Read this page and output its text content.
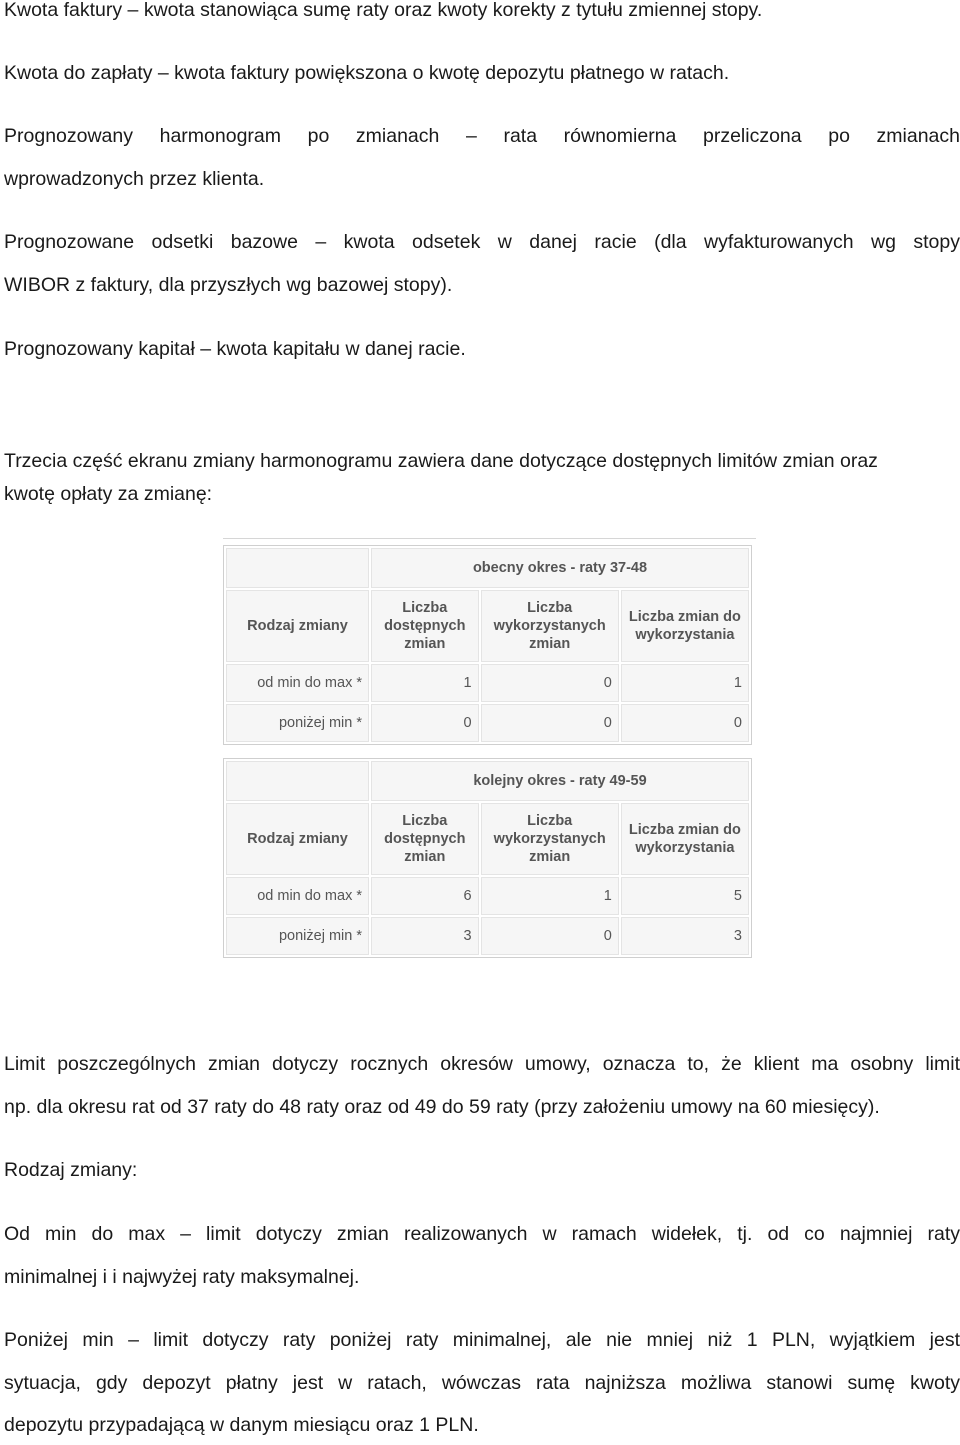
Kwota faktury – kwota stanowiąca sumę raty oraz kwoty korekty z tytułu zmiennej stopy.

Kwota do zapłaty – kwota faktury powiększona o kwotę depozytu płatnego w ratach.

Prognozowany harmonogram po zmianach – rata równomierna przeliczona po zmianach

wprowadzonych przez klienta.

Prognozowane odsetki bazowe – kwota odsetek w danej racie (dla wyfakturowanych wg stopy

WIBOR z faktury, dla przyszłych wg bazowej stopy).

Prognozowany kapitał – kwota kapitału w danej racie.

Trzecia część ekranu zmiany harmonogramu zawiera dane dotyczące dostępnych limitów zmian oraz

kwotę opłaty za zmianę:

	obecny okres - raty 37-48		
Rodzaj zmiany	Liczba dostępnych zmian	Liczba wykorzystanych zmian	Liczba zmian do wykorzystania
od min do max *	1	0	1
poniżej min *	0	0	0
	kolejny okres - raty 49-59		
Rodzaj zmiany	Liczba dostępnych zmian	Liczba wykorzystanych zmian	Liczba zmian do wykorzystania
od min do max *	6	1	5
poniżej min *	3	0	3

Limit poszczególnych zmian dotyczy rocznych okresów umowy, oznacza to, że klient ma osobny limit

np. dla okresu rat od 37 raty do 48 raty oraz od 49 do 59 raty (przy założeniu umowy na 60 miesięcy).

Rodzaj zmiany:

Od min do max – limit dotyczy zmian realizowanych w ramach widełek, tj. od co najmniej raty

minimalnej i i najwyżej raty maksymalnej.

Poniżej min – limit dotyczy raty poniżej raty minimalnej, ale nie mniej niż 1 PLN, wyjątkiem jest

sytuacja, gdy depozyt płatny jest w ratach, wówczas rata najniższa możliwa stanowi sumę kwoty

depozytu przypadającą w danym miesiącu oraz 1 PLN.
